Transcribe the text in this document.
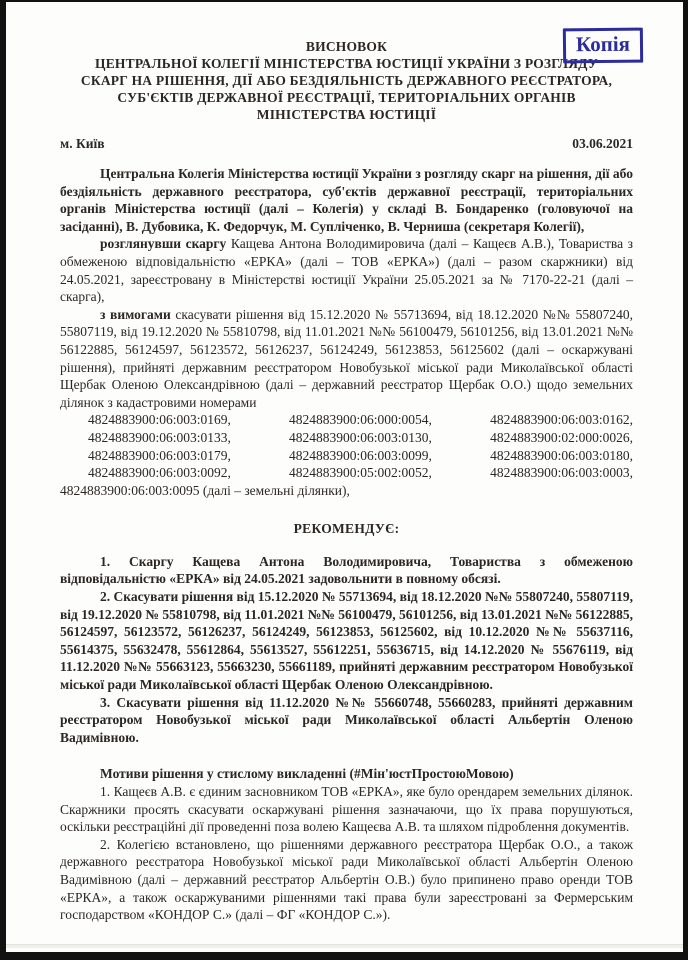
Копія
ВИСНОВОК
ЦЕНТРАЛЬНОЇ КОЛЕГІЇ МІНІСТЕРСТВА ЮСТИЦІЇ УКРАЇНИ З РОЗГЛЯДУ
СКАРГ НА РІШЕННЯ, ДІЇ АБО БЕЗДІЯЛЬНІСТЬ ДЕРЖАВНОГО РЕЄСТРАТОРА,
СУБ'ЄКТІВ ДЕРЖАВНОЇ РЕЄСТРАЦІЇ, ТЕРИТОРІАЛЬНИХ ОРГАНІВ
МІНІСТЕРСТВА ЮСТИЦІЇ
м. Київ	03.06.2021

Центральна Колегія Міністерства юстиції України з розгляду скарг на рішення, дії або бездіяльність державного реєстратора, суб'єктів державної реєстрації, територіальних органів Міністерства юстиції (далі – Колегія) у складі В. Бондаренко (головуючої на засіданні), В. Дубовика, К. Федорчук, М. Супліченко, В. Черниша (секретаря Колегії),

розглянувши скаргу Кащева Антона Володимировича (далі – Кащеєв А.В.), Товариства з обмеженою відповідальністю «ЕРКА» (далі – ТОВ «ЕРКА») (далі – разом скаржники) від 24.05.2021, зареєстровану в Міністерстві юстиції України 25.05.2021 за № 7170-22-21 (далі – скарга),

з вимогами скасувати рішення від 15.12.2020 № 55713694, від 18.12.2020 №№ 55807240, 55807119, від 19.12.2020 № 55810798, від 11.01.2021 №№ 56100479, 56101256, від 13.01.2021 №№ 56122885, 56124597, 56123572, 56126237, 56124249, 56123853, 56125602 (далі – оскаржувані рішення), прийняті державним реєстратором Новобузької міської ради Миколаївської області Щербак Оленою Олександрівною (далі – державний реєстратор Щербак О.О.) щодо земельних ділянок з кадастровими номерами

4824883900:06:003:0169,	4824883900:06:000:0054,	4824883900:06:003:0162,
4824883900:06:003:0133,	4824883900:06:003:0130,	4824883900:02:000:0026,
4824883900:06:003:0179,	4824883900:06:003:0099,	4824883900:06:003:0180,
4824883900:06:003:0092,	4824883900:05:002:0052,	4824883900:06:003:0003,
4824883900:06:003:0095 (далі – земельні ділянки),
РЕКОМЕНДУЄ:

1. Скаргу Кащева Антона Володимировича, Товариства з обмеженою відповідальністю «ЕРКА» від 24.05.2021 задовольнити в повному обсязі.

2. Скасувати рішення від 15.12.2020 № 55713694, від 18.12.2020 №№ 55807240, 55807119, від 19.12.2020 № 55810798, від 11.01.2021 №№ 56100479, 56101256, від 13.01.2021 №№ 56122885, 56124597, 56123572, 56126237, 56124249, 56123853, 56125602, від 10.12.2020 №№ 55637116, 55614375, 55632478, 55612864, 55613527, 55612251, 55636715, від 14.12.2020 № 55676119, від 11.12.2020 №№ 55663123, 55663230, 55661189, прийняті державним реєстратором Новобузької міської ради Миколаївської області Щербак Оленою Олександрівною.

3. Скасувати рішення від 11.12.2020 №№ 55660748, 55660283, прийняті державним реєстратором Новобузької міської ради Миколаївської області Альбертін Оленою Вадимівною.

Мотиви рішення у стислому викладенні (#Мін'юстПростоюМовою)

1. Кащеєв А.В. є єдиним засновником ТОВ «ЕРКА», яке було орендарем земельних ділянок. Скаржники просять скасувати оскаржувані рішення зазначаючи, що їх права порушуються, оскільки реєстраційні дії проведенні поза волею Кащеєва А.В. та шляхом підроблення документів.

2. Колегією встановлено, що рішеннями державного реєстратора Щербак О.О., а також державного реєстратора Новобузької міської ради Миколаївської області Альбертін Оленою Вадимівною (далі – державний реєстратор Альбертін О.В.) було припинено право оренди ТОВ «ЕРКА», а також оскаржуваними рішеннями такі права були зареєстровані за Фермерським господарством «КОНДОР С.» (далі – ФГ «КОНДОР С.»).
